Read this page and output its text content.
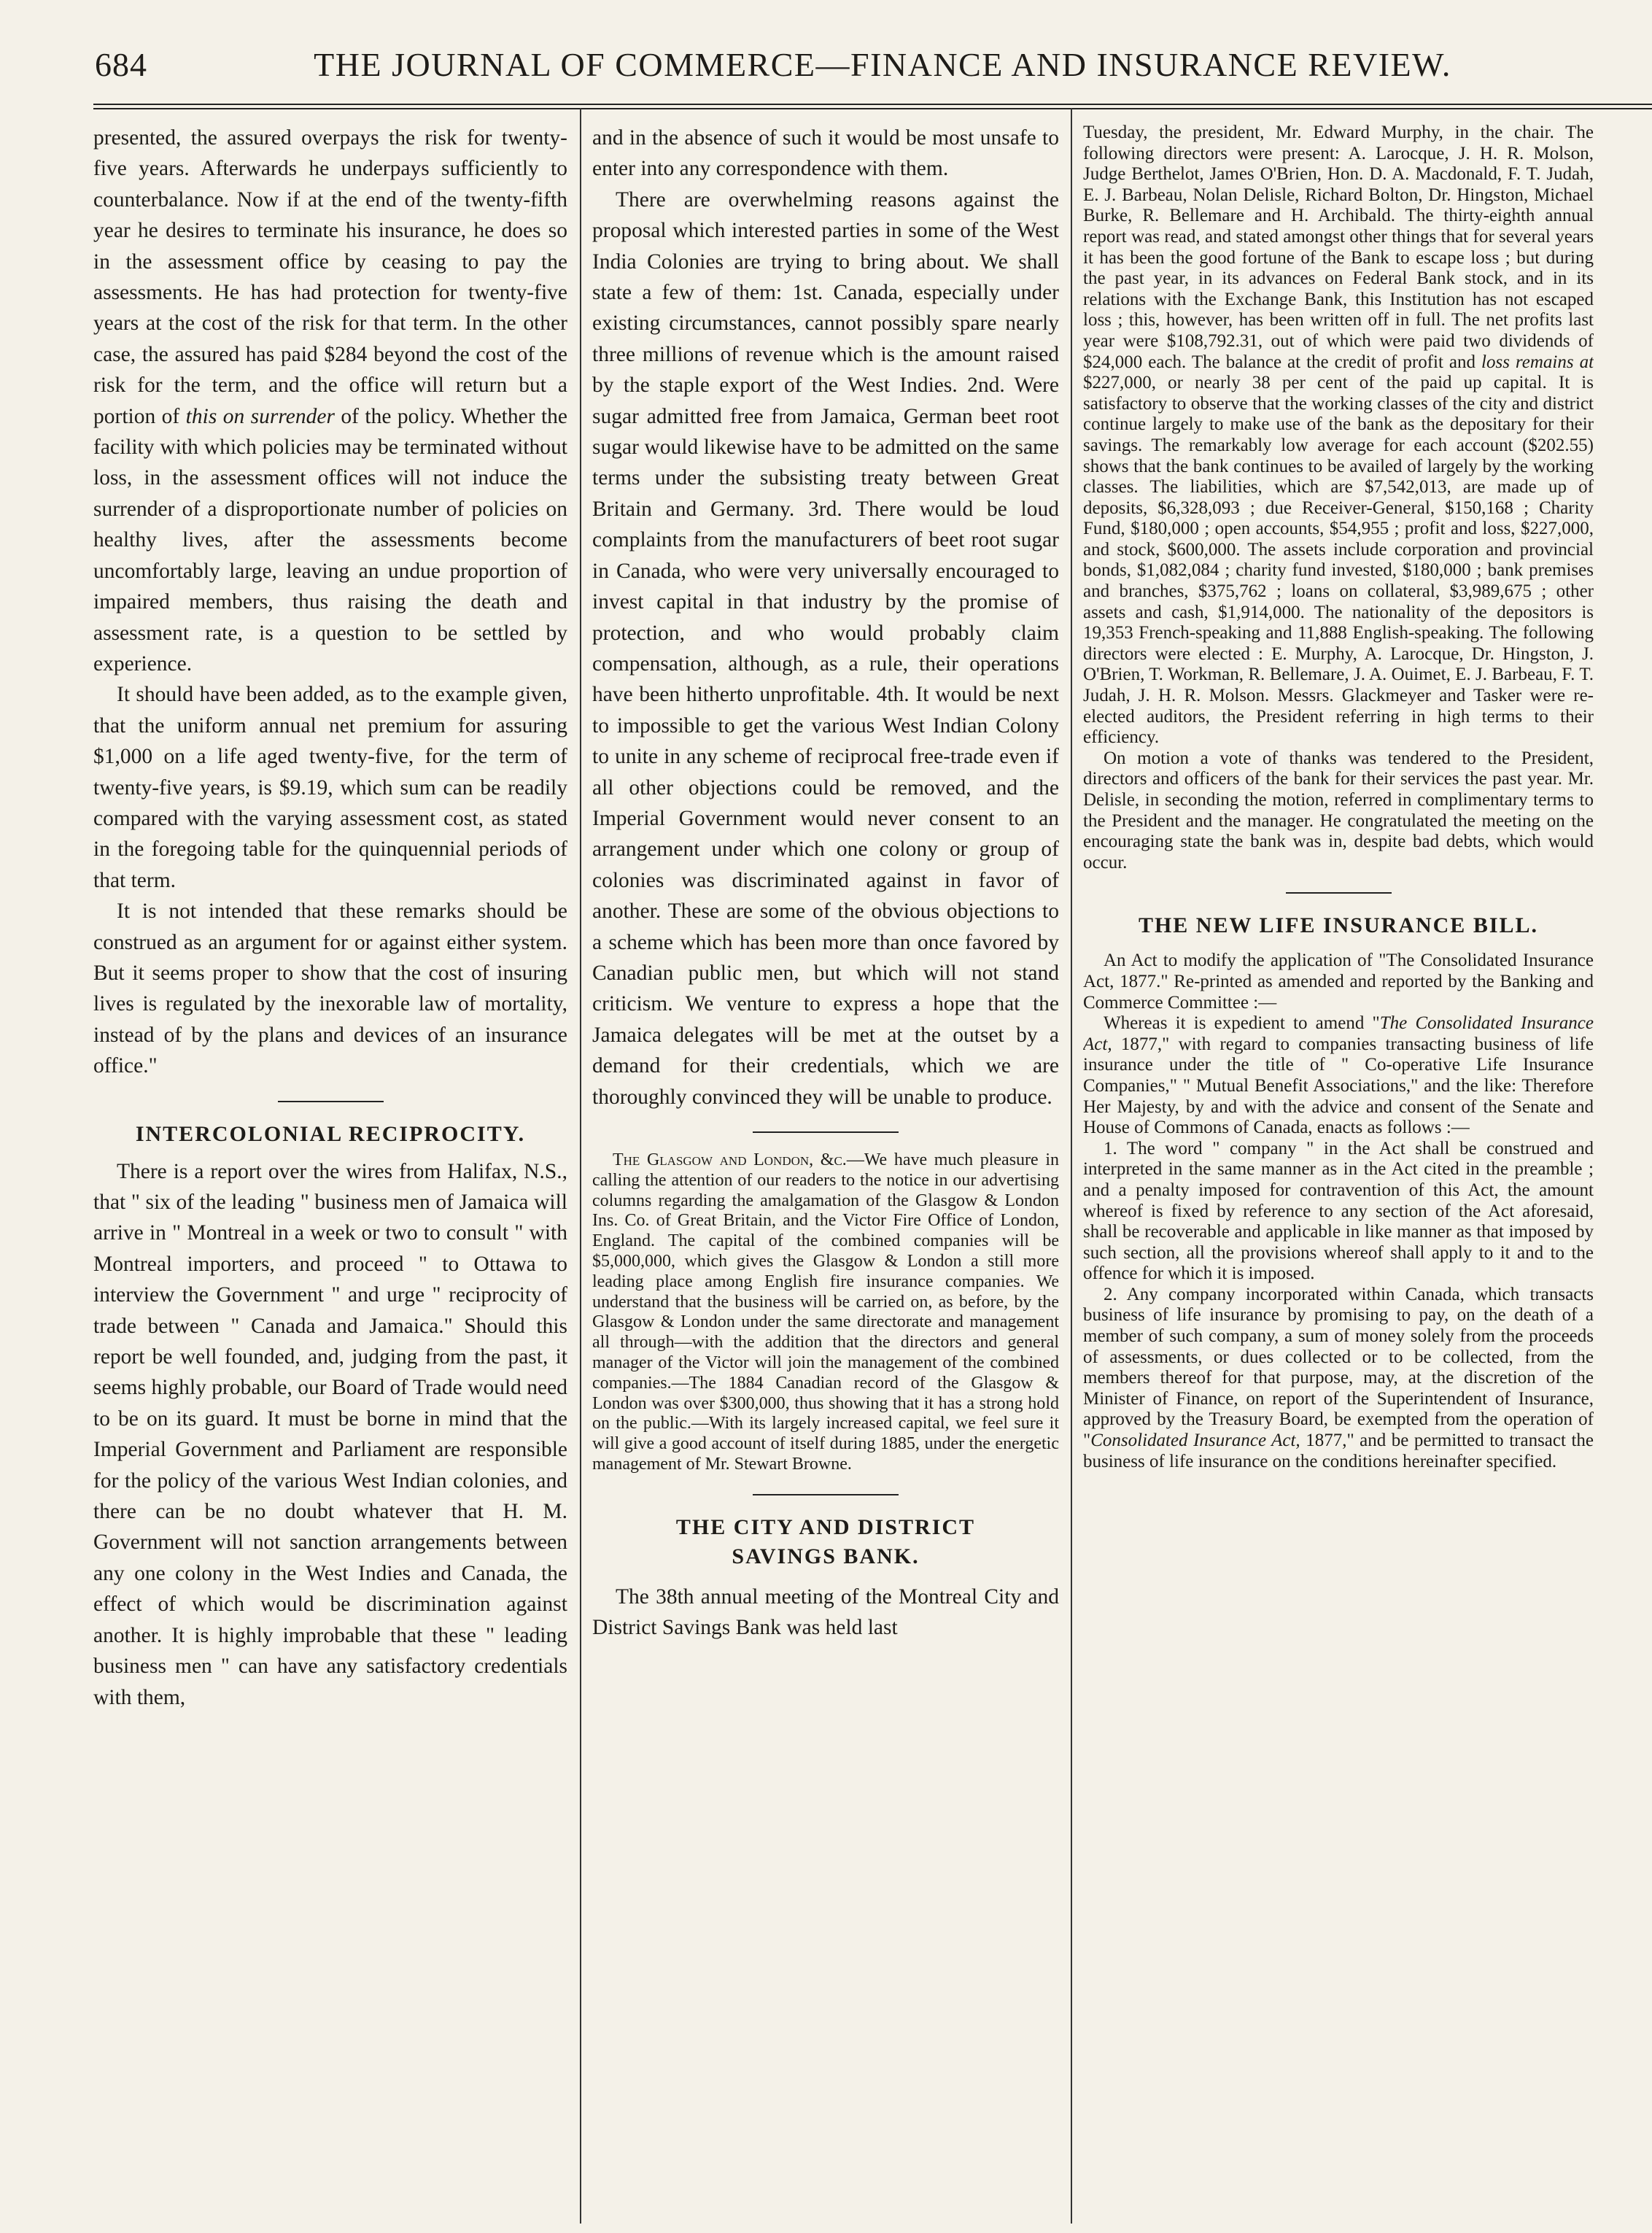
684	THE JOURNAL OF COMMERCE—FINANCE AND INSURANCE REVIEW.

presented, the assured overpays the risk for twenty-five years. Afterwards he underpays sufficiently to counterbalance. Now if at the end of the twenty-fifth year he desires to terminate his insurance, he does so in the assessment office by ceasing to pay the assessments. He has had protection for twenty-five years at the cost of the risk for that term. In the other case, the assured has paid $284 beyond the cost of the risk for the term, and the office will return but a portion of this on surrender of the policy. Whether the facility with which policies may be terminated without loss, in the assessment offices will not induce the surrender of a disproportionate number of policies on healthy lives, after the assessments become uncomfortably large, leaving an undue proportion of impaired members, thus raising the death and assessment rate, is a question to be settled by experience.

It should have been added, as to the example given, that the uniform annual net premium for assuring $1,000 on a life aged twenty-five, for the term of twenty-five years, is $9.19, which sum can be readily compared with the varying assessment cost, as stated in the foregoing table for the quinquennial periods of that term.

It is not intended that these remarks should be construed as an argument for or against either system. But it seems proper to show that the cost of insuring lives is regulated by the inexorable law of mortality, instead of by the plans and devices of an insurance office."

INTERCOLONIAL RECIPROCITY.

There is a report over the wires from Halifax, N.S., that " six of the leading " business men of Jamaica will arrive in " Montreal in a week or two to consult " with Montreal importers, and proceed " to Ottawa to interview the Government " and urge " reciprocity of trade between " Canada and Jamaica." Should this report be well founded, and, judging from the past, it seems highly probable, our Board of Trade would need to be on its guard. It must be borne in mind that the Imperial Government and Parliament are responsible for the policy of the various West Indian colonies, and there can be no doubt whatever that H. M. Government will not sanction arrangements between any one colony in the West Indies and Canada, the effect of which would be discrimination against another. It is highly improbable that these " leading business men " can have any satisfactory credentials with them,

and in the absence of such it would be most unsafe to enter into any correspondence with them.

There are overwhelming reasons against the proposal which interested parties in some of the West India Colonies are trying to bring about. We shall state a few of them: 1st. Canada, especially under existing circumstances, cannot possibly spare nearly three millions of revenue which is the amount raised by the staple export of the West Indies. 2nd. Were sugar admitted free from Jamaica, German beet root sugar would likewise have to be admitted on the same terms under the subsisting treaty between Great Britain and Germany. 3rd. There would be loud complaints from the manufacturers of beet root sugar in Canada, who were very universally encouraged to invest capital in that industry by the promise of protection, and who would probably claim compensation, although, as a rule, their operations have been hitherto unprofitable. 4th. It would be next to impossible to get the various West Indian Colony to unite in any scheme of reciprocal free-trade even if all other objections could be removed, and the Imperial Government would never consent to an arrangement under which one colony or group of colonies was discriminated against in favor of another. These are some of the obvious objections to a scheme which has been more than once favored by Canadian public men, but which will not stand criticism. We venture to express a hope that the Jamaica delegates will be met at the outset by a demand for their credentials, which we are thoroughly convinced they will be unable to produce.

The Glasgow and London, &c.—We have much pleasure in calling the attention of our readers to the notice in our advertising columns regarding the amalgamation of the Glasgow & London Ins. Co. of Great Britain, and the Victor Fire Office of London, England. The capital of the combined companies will be $5,000,000, which gives the Glasgow & London a still more leading place among English fire insurance companies. We understand that the business will be carried on, as before, by the Glasgow & London under the same directorate and management all through—with the addition that the directors and general manager of the Victor will join the management of the combined companies.—The 1884 Canadian record of the Glasgow & London was over $300,000, thus showing that it has a strong hold on the public.—With its largely increased capital, we feel sure it will give a good account of itself during 1885, under the energetic management of Mr. Stewart Browne.

THE CITY AND DISTRICT SAVINGS BANK.

The 38th annual meeting of the Montreal City and District Savings Bank was held last

Tuesday, the president, Mr. Edward Murphy, in the chair. The following directors were present: A. Larocque, J. H. R. Molson, Judge Berthelot, James O'Brien, Hon. D. A. Macdonald, F. T. Judah, E. J. Barbeau, Nolan Delisle, Richard Bolton, Dr. Hingston, Michael Burke, R. Bellemare and H. Archibald. The thirty-eighth annual report was read, and stated amongst other things that for several years it has been the good fortune of the Bank to escape loss ; but during the past year, in its advances on Federal Bank stock, and in its relations with the Exchange Bank, this Institution has not escaped loss ; this, however, has been written off in full. The net profits last year were $108,792.31, out of which were paid two dividends of $24,000 each. The balance at the credit of profit and loss remains at $227,000, or nearly 38 per cent of the paid up capital. It is satisfactory to observe that the working classes of the city and district continue largely to make use of the bank as the depositary for their savings. The remarkably low average for each account ($202.55) shows that the bank continues to be availed of largely by the working classes. The liabilities, which are $7,542,013, are made up of deposits, $6,328,093 ; due Receiver-General, $150,168 ; Charity Fund, $180,000 ; open accounts, $54,955 ; profit and loss, $227,000, and stock, $600,000. The assets include corporation and provincial bonds, $1,082,084 ; charity fund invested, $180,000 ; bank premises and branches, $375,762 ; loans on collateral, $3,989,675 ; other assets and cash, $1,914,000. The nationality of the depositors is 19,353 French-speaking and 11,888 English-speaking. The following directors were elected : E. Murphy, A. Larocque, Dr. Hingston, J. O'Brien, T. Workman, R. Bellemare, J. A. Ouimet, E. J. Barbeau, F. T. Judah, J. H. R. Molson. Messrs. Glackmeyer and Tasker were re-elected auditors, the President referring in high terms to their efficiency.

On motion a vote of thanks was tendered to the President, directors and officers of the bank for their services the past year. Mr. Delisle, in seconding the motion, referred in complimentary terms to the President and the manager. He congratulated the meeting on the encouraging state the bank was in, despite bad debts, which would occur.

THE NEW LIFE INSURANCE BILL.

An Act to modify the application of "The Consolidated Insurance Act, 1877." Re-printed as amended and reported by the Banking and Commerce Committee :—

Whereas it is expedient to amend "The Consolidated Insurance Act, 1877," with regard to companies transacting business of life insurance under the title of " Co-operative Life Insurance Companies," " Mutual Benefit Associations," and the like: Therefore Her Majesty, by and with the advice and consent of the Senate and House of Commons of Canada, enacts as follows :—

1. The word " company " in the Act shall be construed and interpreted in the same manner as in the Act cited in the preamble ; and a penalty imposed for contravention of this Act, the amount whereof is fixed by reference to any section of the Act aforesaid, shall be recoverable and applicable in like manner as that imposed by such section, all the provisions whereof shall apply to it and to the offence for which it is imposed.

2. Any company incorporated within Canada, which transacts business of life insurance by promising to pay, on the death of a member of such company, a sum of money solely from the proceeds of assessments, or dues collected or to be collected, from the members thereof for that purpose, may, at the discretion of the Minister of Finance, on report of the Superintendent of Insurance, approved by the Treasury Board, be exempted from the operation of "Consolidated Insurance Act, 1877," and be permitted to transact the business of life insurance on the conditions hereinafter specified.
